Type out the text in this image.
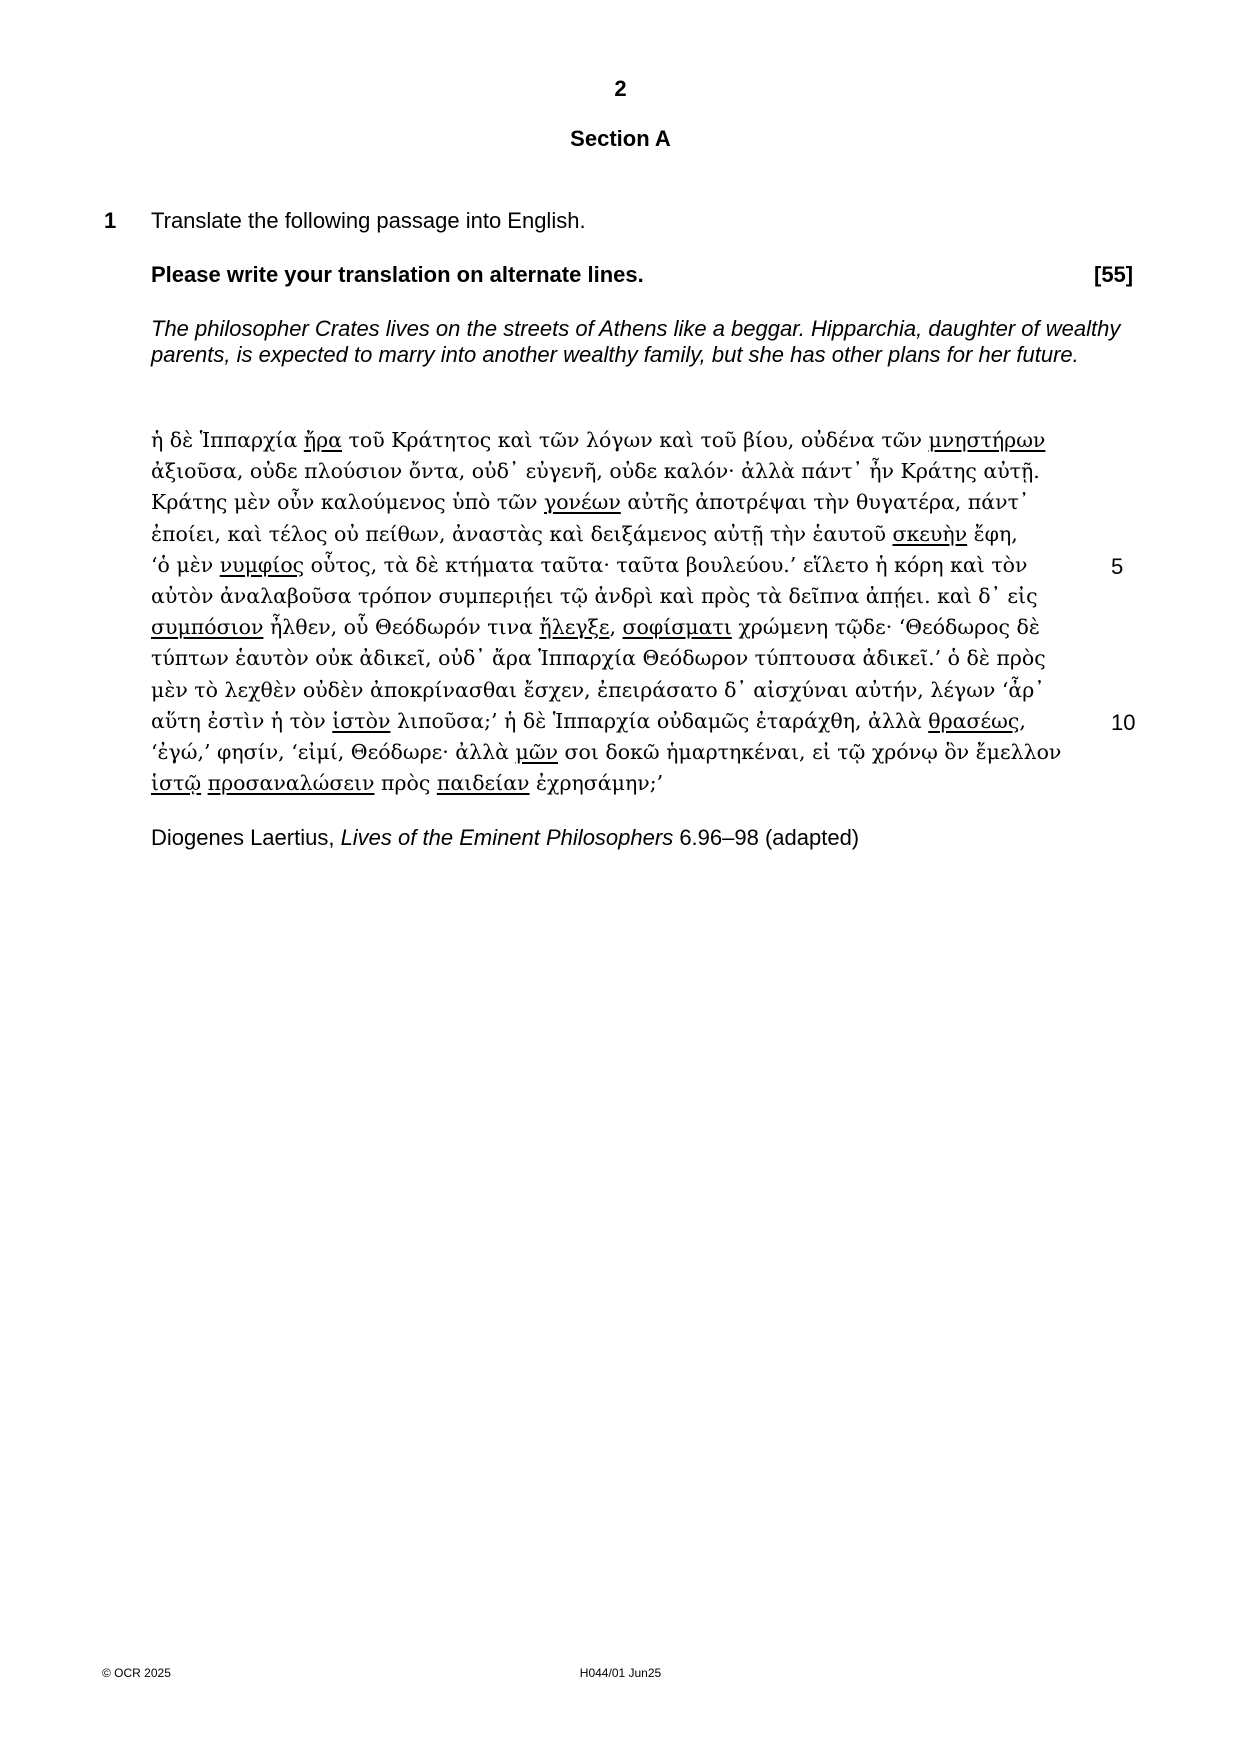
2
Section A
1 Translate the following passage into English.
Please write your translation on alternate lines.	[55]
The philosopher Crates lives on the streets of Athens like a beggar. Hipparchia, daughter of wealthy parents, is expected to marry into another wealthy family, but she has other plans for her future.
ἡ δὲ Ἱππαρχία ἤρα τοῦ Κράτητος καὶ τῶν λόγων καὶ τοῦ βίου, οὐδένα τῶν μνηστήρων
ἀξιοῦσα, οὐδε πλούσιον ὄντα, οὐδ᾽ εὐγενῆ, οὐδε καλόν· ἀλλὰ πάντ᾽ ἦν Κράτης αὐτῇ.
Κράτης μὲν οὖν καλούμενος ὑπὸ τῶν γονέων αὐτῆς ἀποτρέψαι τὴν θυγατέρα, πάντ᾽
ἐποίει, καὶ τέλος οὐ πείθων, ἀναστὰς καὶ δειξάμενος αὐτῇ τὴν ἑαυτοῦ σκευὴν ἔφη,
‘ὁ μὲν νυμφίος οὗτος, τὰ δὲ κτήματα ταῦτα· ταῦτα βουλεύου.’ εἵλετο ἡ κόρη καὶ τὸν
αὐτὸν ἀναλαβοῦσα τρόπον συμπεριῄει τῷ ἀνδρὶ καὶ πρὸς τὰ δεῖπνα ἀπῄει. καὶ δ᾽ εἰς
συμπόσιον ἦλθεν, οὗ Θεόδωρόν τινα ἤλεγξε, σοφίσματι χρώμενη τῷδε· ‘Θεόδωρος δὲ
τύπτων ἑαυτὸν οὐκ ἀδικεῖ, οὐδ᾽ ἄρα Ἱππαρχία Θεόδωρον τύπτουσα ἀδικεῖ.’ ὁ δὲ πρὸς
μὲν τὸ λεχθὲν οὐδὲν ἀποκρίνασθαι ἔσχεν, ἐπειράσατο δ᾽ αἰσχύναι αὐτήν, λέγων ‘ἆρ᾽
αὕτη ἐστὶν ἡ τὸν ἱστὸν λιποῦσα;’ ἡ δὲ Ἱππαρχία οὐδαμῶς ἐταράχθη, ἀλλὰ θρασέως,
‘ἐγώ,’ φησίν, ‘εἰμί, Θεόδωρε· ἀλλὰ μῶν σοι δοκῶ ἡμαρτηκέναι, εἰ τῷ χρόνῳ ὃν ἔμελλον
ἱστῷ προσαναλώσειν πρὸς παιδείαν ἐχρησάμην;’
5
10
Diogenes Laertius, Lives of the Eminent Philosophers 6.96–98 (adapted)
© OCR 2025	H044/01 Jun25
